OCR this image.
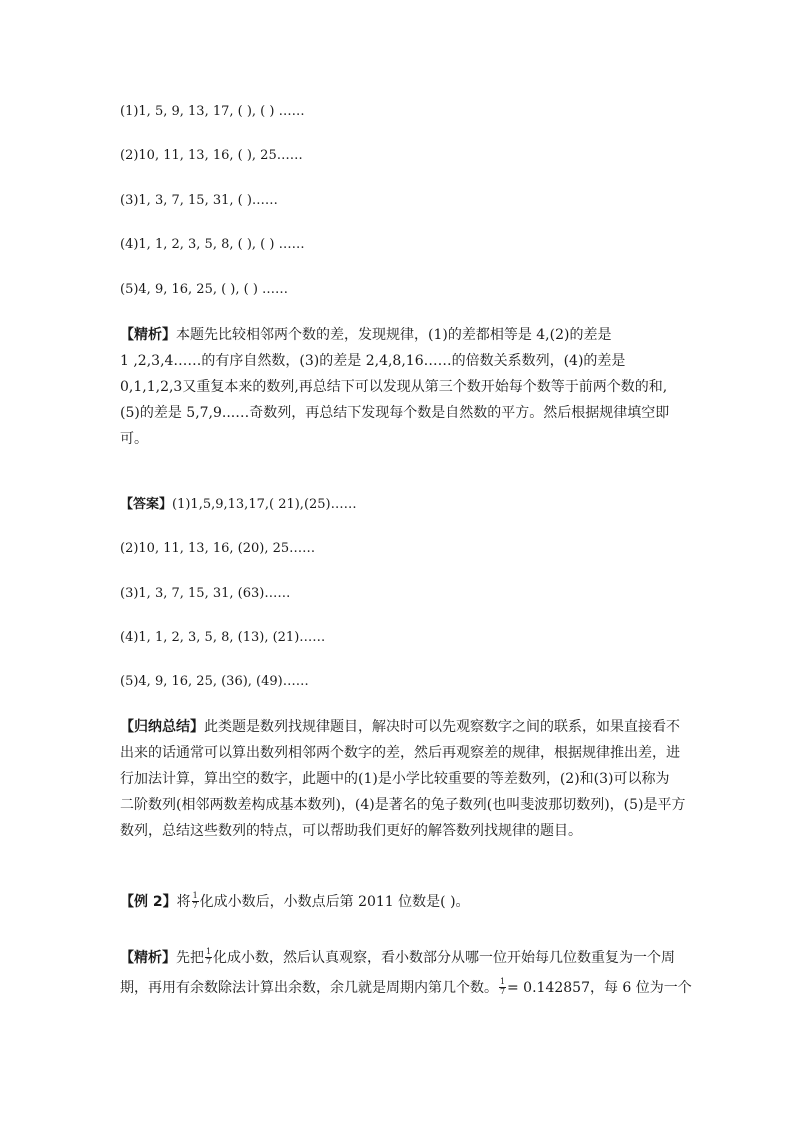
(1)1, 5, 9, 13, 17, ( ), ( ) ……
(2)10, 11, 13, 16, ( ), 25……
(3)1, 3, 7, 15, 31, ( )……
(4)1, 1, 2, 3, 5, 8, ( ), ( ) ……
(5)4, 9, 16, 25, ( ), ( ) ……
【精析】本题先比较相邻两个数的差，发现规律，(1)的差都相等是 4,(2)的差是
1 ,2,3,4……的有序自然数，(3)的差是 2,4,8,16……的倍数关系数列，(4)的差是
0,1,1,2,3又重复本来的数列,再总结下可以发现从第三个数开始每个数等于前两个数的和,
(5)的差是 5,7,9...…奇数列，再总结下发现每个数是自然数的平方。然后根据规律填空即
可。
【答案】(1)1,5,9,13,17,( 21),(25)……
(2)10, 11, 13, 16, (20), 25……
(3)1, 3, 7, 15, 31, (63)……
(4)1, 1, 2, 3, 5, 8, (13), (21)……
(5)4, 9, 16, 25, (36), (49)……
【归纳总结】此类题是数列找规律题目，解决时可以先观察数字之间的联系，如果直接看不
出来的话通常可以算出数列相邻两个数字的差，然后再观察差的规律，根据规律推出差，进
行加法计算，算出空的数字，此题中的(1)是小学比较重要的等差数列，(2)和(3)可以称为
二阶数列(相邻两数差构成基本数列)，(4)是著名的兔子数列(也叫斐波那切数列)，(5)是平方
数列，总结这些数列的特点，可以帮助我们更好的解答数列找规律的题目。
【例 2】将 $\frac{1}{7}$ 化成小数后，小数点后第 2011 位数是( )。
【精析】先把 $\frac{1}{7}$ 化成小数，然后认真观察，看小数部分从哪一位开始每几位数重复为一个周
期，再用有余数除法计算出余数，余几就是周期内第几个数。 $\frac{1}{7} = 0.142857$，每 6 位为一个
